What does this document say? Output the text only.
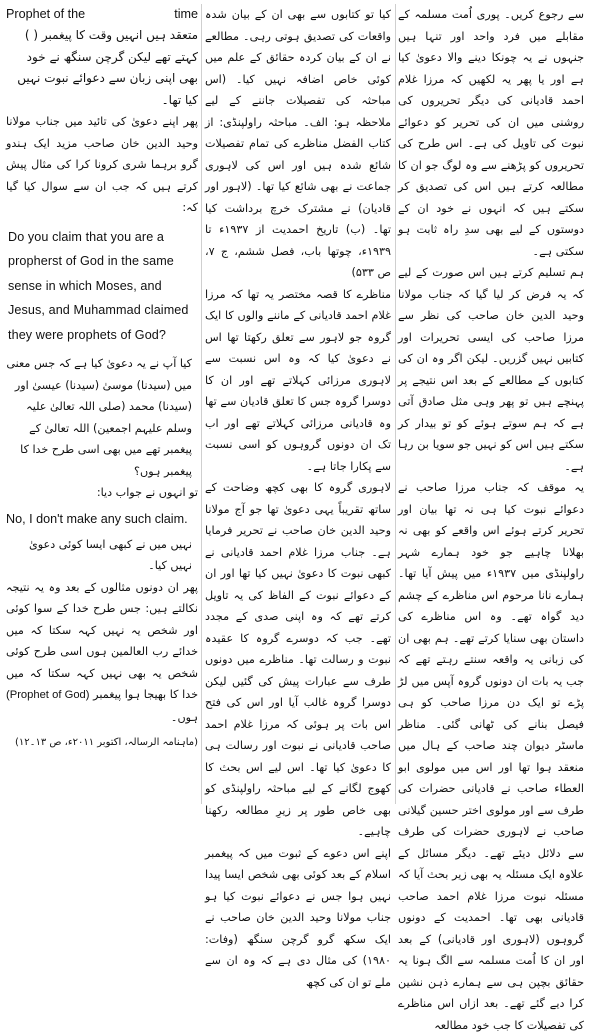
سے رجوع کریں۔ پوری اُمت مسلمہ کے مقابلے میں فرد واحد اور تنہا ہیں جنہوں نے یہ چونکا دینے والا دعویٰ کیا ہے اور یا پھر یہ لکھیں کہ مرزا غلام احمد قادیانی کی دیگر تحریروں کی روشنی میں ان کی تحریر کو دعوائے نبوت کی تاویل کی ہے۔ اس طرح کی تحریروں کو پڑھنے سے وہ لوگ جو ان کا مطالعہ کرتے ہیں اس کی تصدیق کر سکتے ہیں کہ انہوں نے خود ان کے دوستوں کے لیے بھی سدِ راہ ثابت ہو سکتی ہے۔

ہم تسلیم کرتے ہیں اس صورت کے لیے کہ یہ فرض کر لیا گیا کہ جناب مولانا وحید الدین خان صاحب کی نظر سے مرزا صاحب کی ایسی تحریرات اور کتابیں نہیں گزریں۔ لیکن اگر وہ ان کی کتابوں کے مطالعے کے بعد اس نتیجے پر پہنچے ہیں تو پھر وہی مثل صادق آتی ہے کہ ہم سوتے ہوئے کو تو بیدار کر سکتے ہیں اس کو نہیں جو سویا بن رہا ہے۔

یہ موقف کہ جناب مرزا صاحب نے دعوائے نبوت کیا ہی نہ تھا بیان اور تحریر کرتے ہوئے اس واقعے کو بھی نہ بھلانا چاہیے جو خود ہمارے شہر راولپنڈی میں ۱۹۳۷ء میں پیش آیا تھا۔ ہمارے نانا مرحوم اس مناظرے کے چشم دید گواہ تھے۔ وہ اس مناظرے کی داستان بھی سنایا کرتے تھے۔ ہم بھی ان کی زبانی یہ واقعہ سنتے رہتے تھے کہ جب یہ بات ان دونوں گروہ آپس میں لڑ پڑے تو ایک دن مرزا صاحب کو ہی فیصل بنانے کی ٹھانی گئی۔ مناظر ماسٹر دیوان چند صاحب کے ہال میں منعقد ہوا تھا اور اس میں مولوی ابو العطاء صاحب نے قادیانی حضرات کی طرف سے اور مولوی اختر حسین گیلانی صاحب نے لاہوری حضرات کی طرف سے دلائل دیئے تھے۔ دیگر مسائل کے علاوہ ایک مسئلہ یہ بھی زیر بحث آیا کہ مسئلہ نبوت مرزا غلام احمد صاحب قادیانی بھی تھا۔ احمدیت کے دونوں گروہوں (لاہوری اور قادیانی) کے بعد اور ان کا اُمت مسلمہ سے الگ ہونا یہ حقائق بچپن ہی سے ہمارے ذہن نشین کرا دیے گئے تھے۔ بعد ازاں اس مناظرے کی تفصیلات کا جب خود مطالعہ

کیا تو کتابوں سے بھی ان کے بیان شدہ واقعات کی تصدیق ہوتی رہی۔ مطالعے نے ان کے بیان کردہ حقائق کے علم میں کوئی خاص اضافہ نہیں کیا۔ (اس مباحثہ کی تفصیلات جاننے کے لیے ملاحظہ ہو: الف۔ مباحثہ راولپنڈی: از کتاب الفضل مناظرے کی تمام تفصیلات شائع شدہ ہیں اور اس کی لاہوری جماعت نے بھی شائع کیا تھا۔ (لاہور اور قادیان) نے مشترک خرچ برداشت کیا تھا۔ (ب) تاریخ احمدیت از ۱۹۳۷ء تا ۱۹۳۹ء، چوتھا باب، فصل ششم، ج ۷، ص ۵۳۳)

مناظرے کا قصہ مختصر یہ تھا کہ مرزا غلام احمد قادیانی کے ماننے والوں کا ایک گروہ جو لاہور سے تعلق رکھتا تھا اس نے دعویٰ کیا کہ وہ اس نسبت سے لاہوری مرزائی کہلاتے تھے اور ان کا دوسرا گروہ جس کا تعلق قادیان سے تھا وہ قادیانی مرزائی کہلاتے تھے اور اب تک ان دونوں گروہوں کو اسی نسبت سے پکارا جاتا ہے۔

لاہوری گروہ کا بھی کچھ وضاحت کے ساتھ تقریباً یہی دعویٰ تھا جو آج مولانا وحید الدین خان صاحب نے تحریر فرمایا ہے۔ جناب مرزا غلام احمد قادیانی نے کبھی نبوت کا دعویٰ نہیں کیا تھا اور ان کے دعوائے نبوت کے الفاظ کی یہ تاویل کرتے تھے کہ وہ اپنی صدی کے مجدد تھے۔ جب کہ دوسرے گروہ کا عقیدہ نبوت و رسالت تھا۔ مناظرے میں دونوں طرف سے عبارات پیش کی گئیں لیکن دوسرا گروہ غالب آیا اور اس کی فتح اس بات پر ہوئی کہ مرزا غلام احمد صاحب قادیانی نے نبوت اور رسالت ہی کا دعویٰ کیا تھا۔ اس لیے اس بحث کا کھوج لگانے کے لیے مباحثہ راولپنڈی کو بھی خاص طور پر زیرِ مطالعہ رکھنا چاہیے۔

اپنے اس دعوے کے ثبوت میں کہ پیغمبر اسلام کے بعد کوئی بھی شخص ایسا پیدا نہیں ہوا جس نے دعوائے نبوت کیا ہو جناب مولانا وحید الدین خان صاحب نے ایک سکھ گرو گرچن سنگھ (وفات: ۱۹۸۰) کی مثال دی ہے کہ وہ ان سے ملے تو ان کی کچھ

Prophet of the	time

متعقد ہیں انہیں وقت کا پیغمبر ( ) کہتے تھے لیکن گرچن سنگھ نے خود بھی اپنی زبان سے دعوائے نبوت نہیں کیا تھا۔

پھر اپنے دعویٰ کی تائید میں جناب مولانا وحید الدین خان صاحب مزید ایک ہندو گرو برہما شری کرونا کرا کی مثال پیش کرتے ہیں کہ جب ان سے سوال کیا گیا کہ:

Do you claim that you are a propherst of God in the same sense in which Moses, and Jesus, and Muhammad claimed they were prophets of God?

کیا آپ نے یہ دعویٰ کیا ہے کہ جس معنی میں (سیدنا) موسیٰ (سیدنا) عیسیٰ اور (سیدنا) محمد (صلی اللہ تعالیٰ علیہ وسلم علیہم اجمعین) اللہ تعالیٰ کے پیغمبر تھے میں بھی اسی طرح خدا کا پیغمبر ہوں؟

تو انہوں نے جواب دیا:

No, I don't make any such claim.

نہیں میں نے کبھی ایسا کوئی دعویٰ نہیں کیا۔

پھر ان دونوں مثالوں کے بعد وہ یہ نتیجہ نکالتے ہیں: جس طرح خدا کے سوا کوئی اور شخص یہ نہیں کہہ سکتا کہ میں خدائے رب العالمین ہوں اسی طرح کوئی شخص یہ بھی نہیں کہہ سکتا کہ میں خدا کا بھیجا ہوا پیغمبر (Prophet of God) ہوں۔

(ماہنامہ الرسالہ، اکتوبر ۲۰۱۱ء، ص ۱۳۔۱۲)
